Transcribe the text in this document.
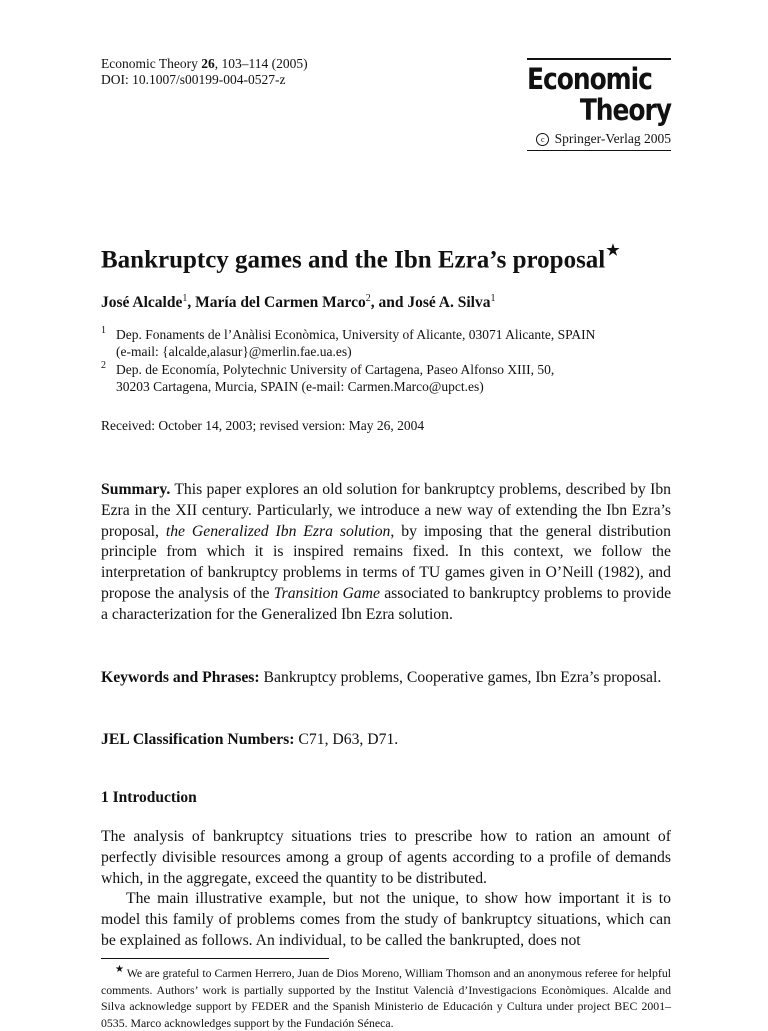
Economic Theory 26, 103–114 (2005)
DOI: 10.1007/s00199-004-0527-z	Economic
Theory
c Springer-Verlag 2005
Bankruptcy games and the Ibn Ezra’s proposal★
José Alcalde$^1$, María del Carmen Marco$^2$, and José A. Silva$^1$
1 Dep. Fonaments de l’Anàlisi Econòmica, University of Alicante, 03071 Alicante, SPAIN
(e-mail: {alcalde,alasur}@merlin.fae.ua.es)
2 Dep. de Economía, Polytechnic University of Cartagena, Paseo Alfonso XIII, 50,
30203 Cartagena, Murcia, SPAIN (e-mail: Carmen.Marco@upct.es)
Received: October 14, 2003; revised version: May 26, 2004
Summary. This paper explores an old solution for bankruptcy problems, described by Ibn Ezra in the XII century. Particularly, we introduce a new way of extending the Ibn Ezra’s proposal, the Generalized Ibn Ezra solution, by imposing that the general distribution principle from which it is inspired remains fixed. In this context, we follow the interpretation of bankruptcy problems in terms of TU games given in O’Neill (1982), and propose the analysis of the Transition Game associated to bankruptcy problems to provide a characterization for the Generalized Ibn Ezra solution.
Keywords and Phrases: Bankruptcy problems, Cooperative games, Ibn Ezra’s proposal.
JEL Classification Numbers: C71, D63, D71.
1 Introduction

The analysis of bankruptcy situations tries to prescribe how to ration an amount of perfectly divisible resources among a group of agents according to a profile of demands which, in the aggregate, exceed the quantity to be distributed.

The main illustrative example, but not the unique, to show how important it is to model this family of problems comes from the study of bankruptcy situations, which can be explained as follows. An individual, to be called the bankrupted, does not

★ We are grateful to Carmen Herrero, Juan de Dios Moreno, William Thomson and an anonymous referee for helpful comments. Authors’ work is partially supported by the Institut Valencià d’Investigacions Econòmiques. Alcalde and Silva acknowledge support by FEDER and the Spanish Ministerio de Educación y Cultura under project BEC 2001–0535. Marco acknowledges support by the Fundación Séneca.
